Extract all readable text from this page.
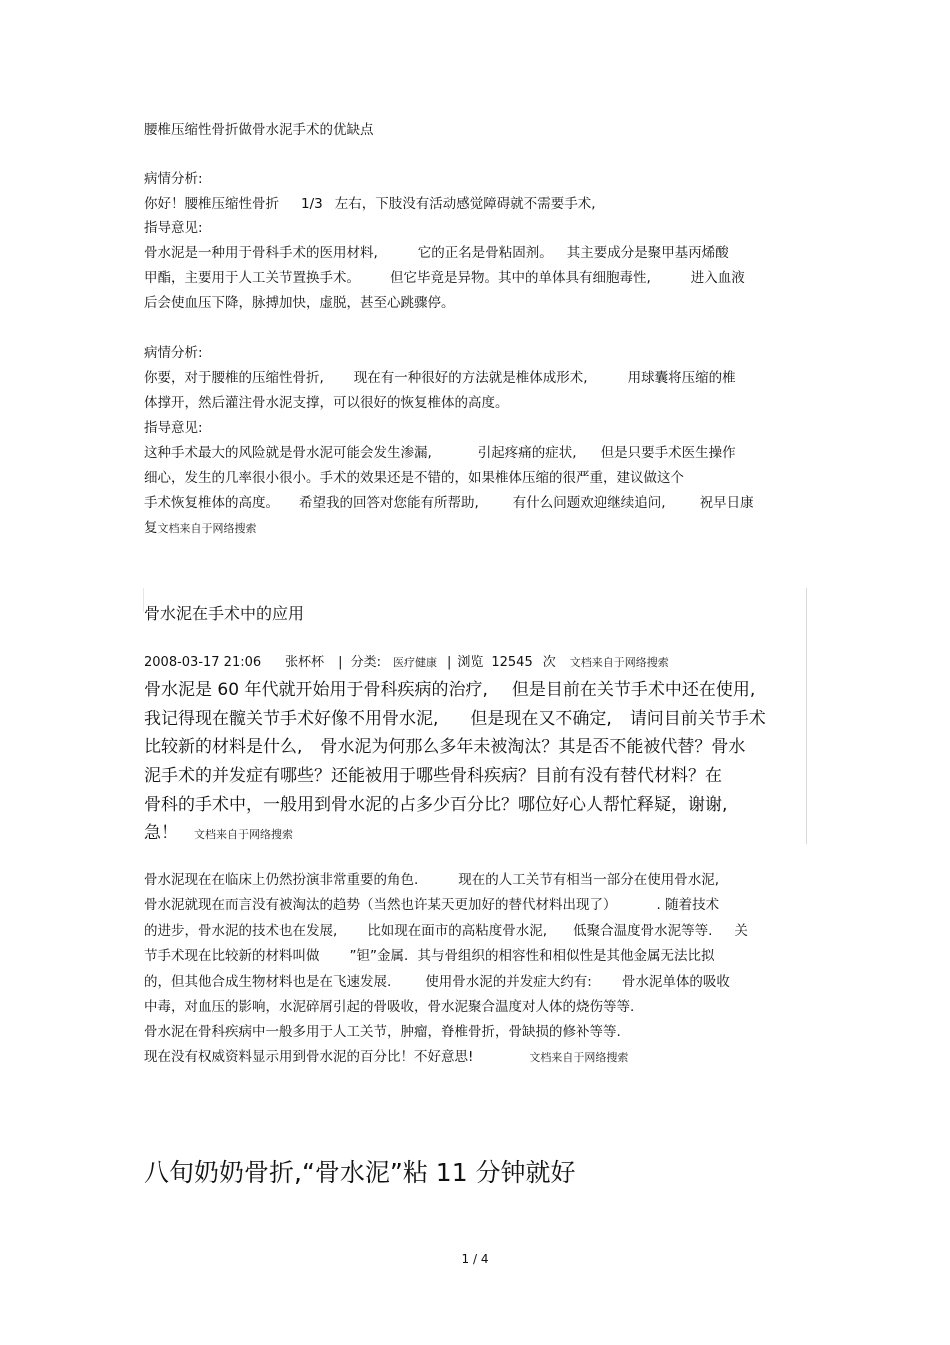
腰椎压缩性骨折做骨水泥手术的优缺点
病情分析:
你好！腰椎压缩性骨折 1/3 左右，下肢没有活动感觉障碍就不需要手术,
指导意见:
骨水泥是一种用于骨科手术的医用材料,	它的正名是骨粘固剂。 其主要成分是聚甲基丙烯酸
甲酯，主要用于人工关节置换手术。 但它毕竟是异物。其中的单体具有细胞毒性,	进入血液
后会使血压下降，脉搏加快，虚脱，甚至心跳骤停。
病情分析:
你要，对于腰椎的压缩性骨折, 现在有一种很好的方法就是椎体成形术,	用球囊将压缩的椎
体撑开，然后灌注骨水泥支撑，可以很好的恢复椎体的高度。
指导意见:
这种手术最大的风险就是骨水泥可能会发生渗漏,	引起疼痛的症状, 但是只要手术医生操作
细心，发生的几率很小很小。手术的效果还是不错的，如果椎体压缩的很严重，建议做这个
手术恢复椎体的高度。 希望我的回答对您能有所帮助,	有什么问题欢迎继续追问,	祝早日康
复文档来自于网络搜索
骨水泥在手术中的应用
2008-03-17 21:06 张杯杯 | 分类: 医疗健康 | 浏览 12545 次 文档来自于网络搜索
骨水泥是 60 年代就开始用于骨科疾病的治疗, 但是目前在关节手术中还在使用,
我记得现在髋关节手术好像不用骨水泥, 但是现在又不确定, 请问目前关节手术
比较新的材料是什么, 骨水泥为何那么多年未被淘汰？其是否不能被代替？骨水
泥手术的并发症有哪些？还能被用于哪些骨科疾病？目前有没有替代材料？在
骨科的手术中，一般用到骨水泥的占多少百分比？哪位好心人帮忙释疑，谢谢,
急！ 文档来自于网络搜索
骨水泥现在在临床上仍然扮演非常重要的角色.	现在的人工关节有相当一部分在使用骨水泥,
骨水泥就现在而言没有被淘汰的趋势（当然也许某天更加好的替代材料出现了）	. 随着技术
的进步，骨水泥的技术也在发展, 比如现在面市的高粘度骨水泥, 低聚合温度骨水泥等等. 关
节手术现在比较新的材料叫做 ”钽”金属．其与骨组织的相容性和相似性是其他金属无法比拟
的，但其他合成生物材料也是在飞速发展.	使用骨水泥的并发症大约有: 骨水泥单体的吸收
中毒，对血压的影响，水泥碎屑引起的骨吸收，骨水泥聚合温度对人体的烧伤等等.
骨水泥在骨科疾病中一般多用于人工关节，肿瘤，脊椎骨折，骨缺损的修补等等.
现在没有权威资料显示用到骨水泥的百分比！不好意思!	文档来自于网络搜索
八旬奶奶骨折,“骨水泥”粘 11 分钟就好
1 / 4
